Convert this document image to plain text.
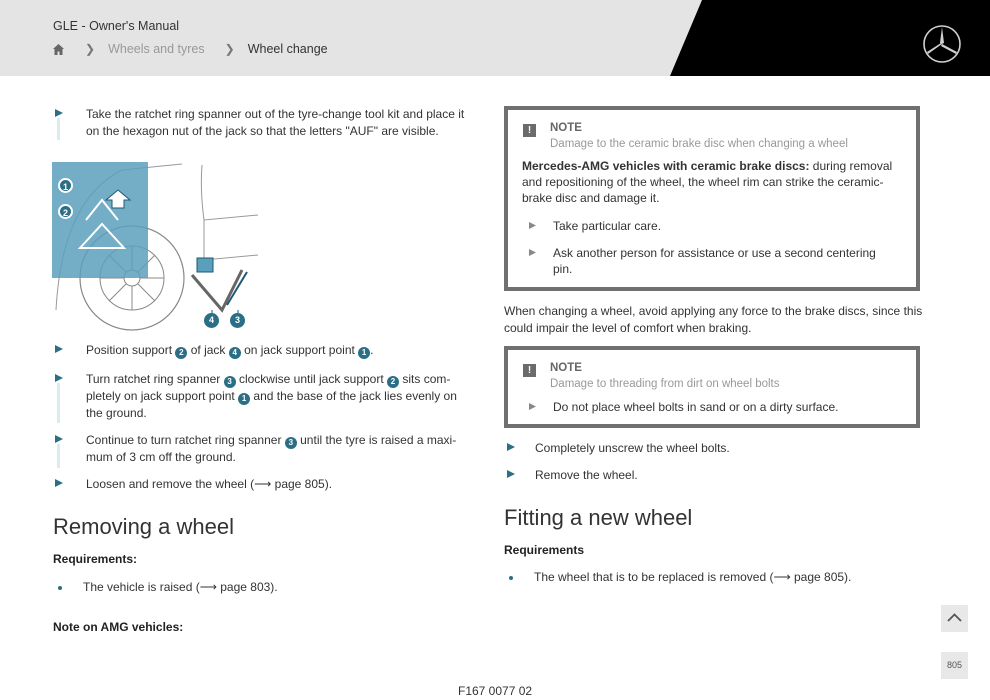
GLE - Owner's Manual
❯ Wheels and tyres ❯ Wheel change
Take the ratchet ring spanner out of the tyre-change tool kit and place it on the hexagon nut of the jack so that the letters "AUF" are visible.
1
2
4	3
Position support 2 of jack 4 on jack support point 1 .
Turn ratchet ring spanner 3 clockwise until jack support 2 sits com-
pletely on jack support point 1 and the base of the jack lies evenly on
the ground.
Continue to turn ratchet ring spanner 3 until the tyre is raised a maxi-
mum of 3 cm off the ground.
Loosen and remove the wheel (⟶ page 805).
Removing a wheel
Requirements:
The vehicle is raised (⟶ page 803).
Note on AMG vehicles:
!	NOTE
Damage to the ceramic brake disc when changing a wheel
Mercedes-AMG vehicles with ceramic brake discs: during removal
and repositioning of the wheel, the wheel rim can strike the ceramic-
brake disc and damage it.
Take particular care.
Ask another person for assistance or use a second centering
pin.
When changing a wheel, avoid applying any force to the brake discs, since this
could impair the level of comfort when braking.
!	NOTE
Damage to threading from dirt on wheel bolts
Do not place wheel bolts in sand or on a dirty surface.
Completely unscrew the wheel bolts.
Remove the wheel.
Fitting a new wheel
Requirements
The wheel that is to be replaced is removed (⟶ page 805).
805
F167 0077 02
